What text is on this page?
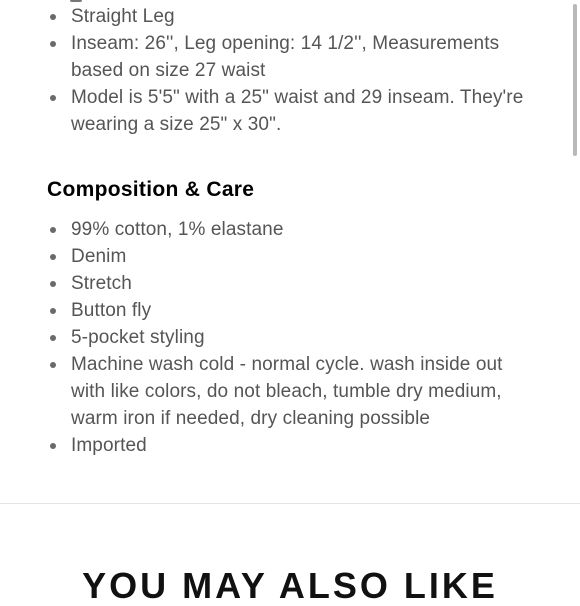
Straight Leg
Inseam: 26'', Leg opening: 14 1/2'', Measurements based on size 27 waist
Model is 5'5" with a 25" waist and 29 inseam. They're wearing a size 25" x 30".
Composition & Care
99% cotton, 1% elastane
Denim
Stretch
Button fly
5-pocket styling
Machine wash cold - normal cycle. wash inside out with like colors, do not bleach, tumble dry medium, warm iron if needed, dry cleaning possible
Imported
YOU MAY ALSO LIKE
